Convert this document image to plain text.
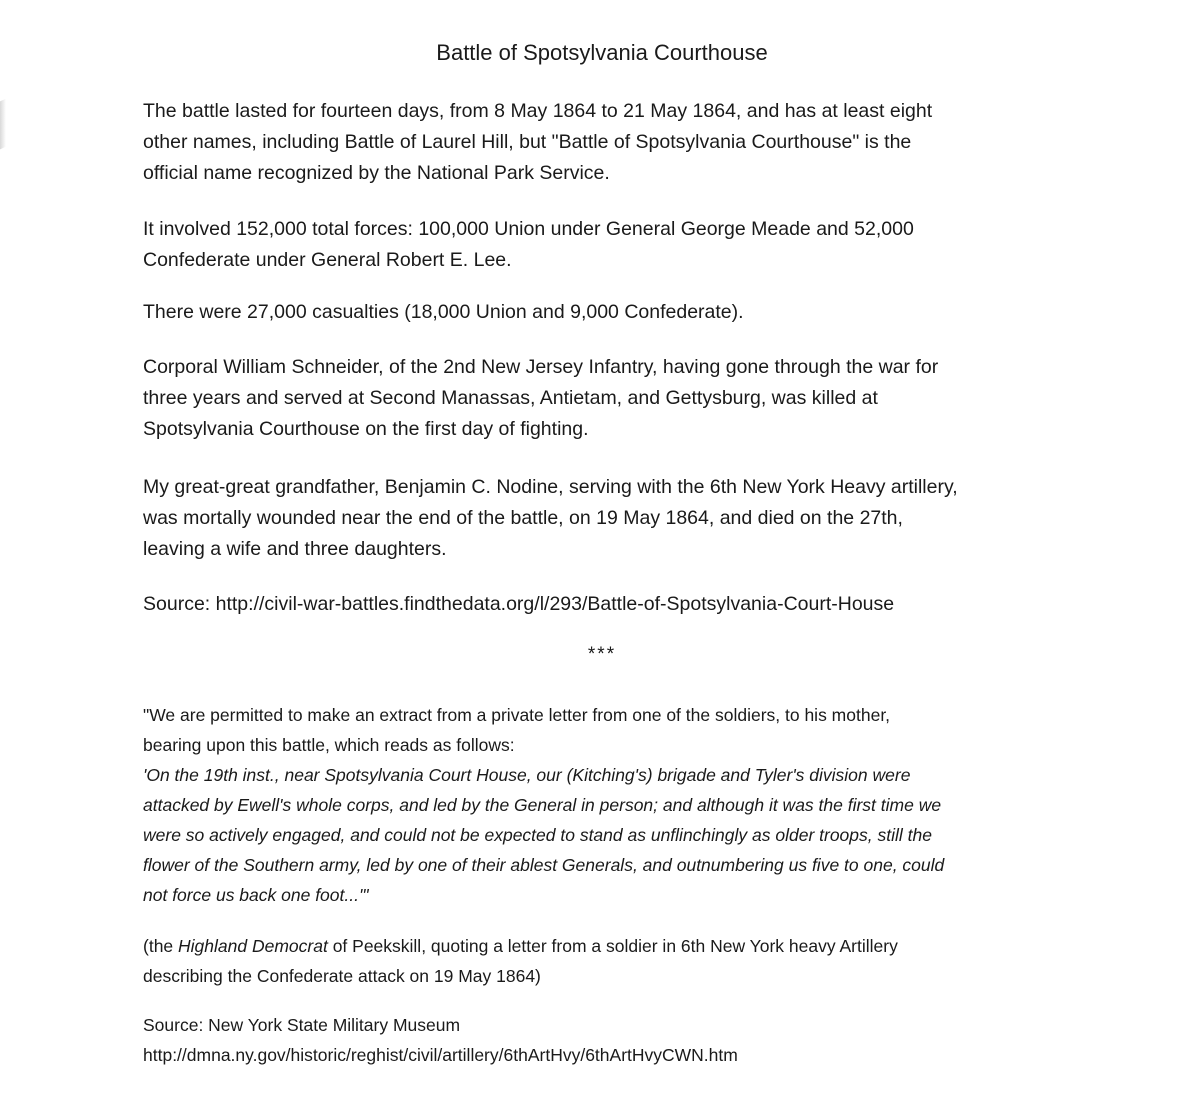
Battle of Spotsylvania Courthouse

The battle lasted for fourteen days, from 8 May 1864 to 21 May 1864, and has at least eight
other names, including Battle of Laurel Hill, but "Battle of Spotsylvania Courthouse" is the
official name recognized by the National Park Service.

It involved 152,000 total forces: 100,000 Union under General George Meade and 52,000
Confederate under General Robert E. Lee.

There were 27,000 casualties (18,000 Union and 9,000 Confederate).

Corporal William Schneider, of the 2nd New Jersey Infantry, having gone through the war for
three years and served at Second Manassas, Antietam, and Gettysburg, was killed at
Spotsylvania Courthouse on the first day of fighting.

My great-great grandfather, Benjamin C. Nodine, serving with the 6th New York Heavy artillery,
was mortally wounded near the end of the battle, on 19 May 1864, and died on the 27th,
leaving a wife and three daughters.

Source: http://civil-war-battles.findthedata.org/l/293/Battle-of-Spotsylvania-Court-House

***

"We are permitted to make an extract from a private letter from one of the soldiers, to his mother,
bearing upon this battle, which reads as follows:
'On the 19th inst., near Spotsylvania Court House, our (Kitching's) brigade and Tyler's division were
attacked by Ewell's whole corps, and led by the General in person; and although it was the first time we
were so actively engaged, and could not be expected to stand as unflinchingly as older troops, still the
flower of the Southern army, led by one of their ablest Generals, and outnumbering us five to one, could
not force us back one foot...'"

(the Highland Democrat of Peekskill, quoting a letter from a soldier in 6th New York heavy Artillery
describing the Confederate attack on 19 May 1864)

Source: New York State Military Museum
http://dmna.ny.gov/historic/reghist/civil/artillery/6thArtHvy/6thArtHvyCWN.htm
